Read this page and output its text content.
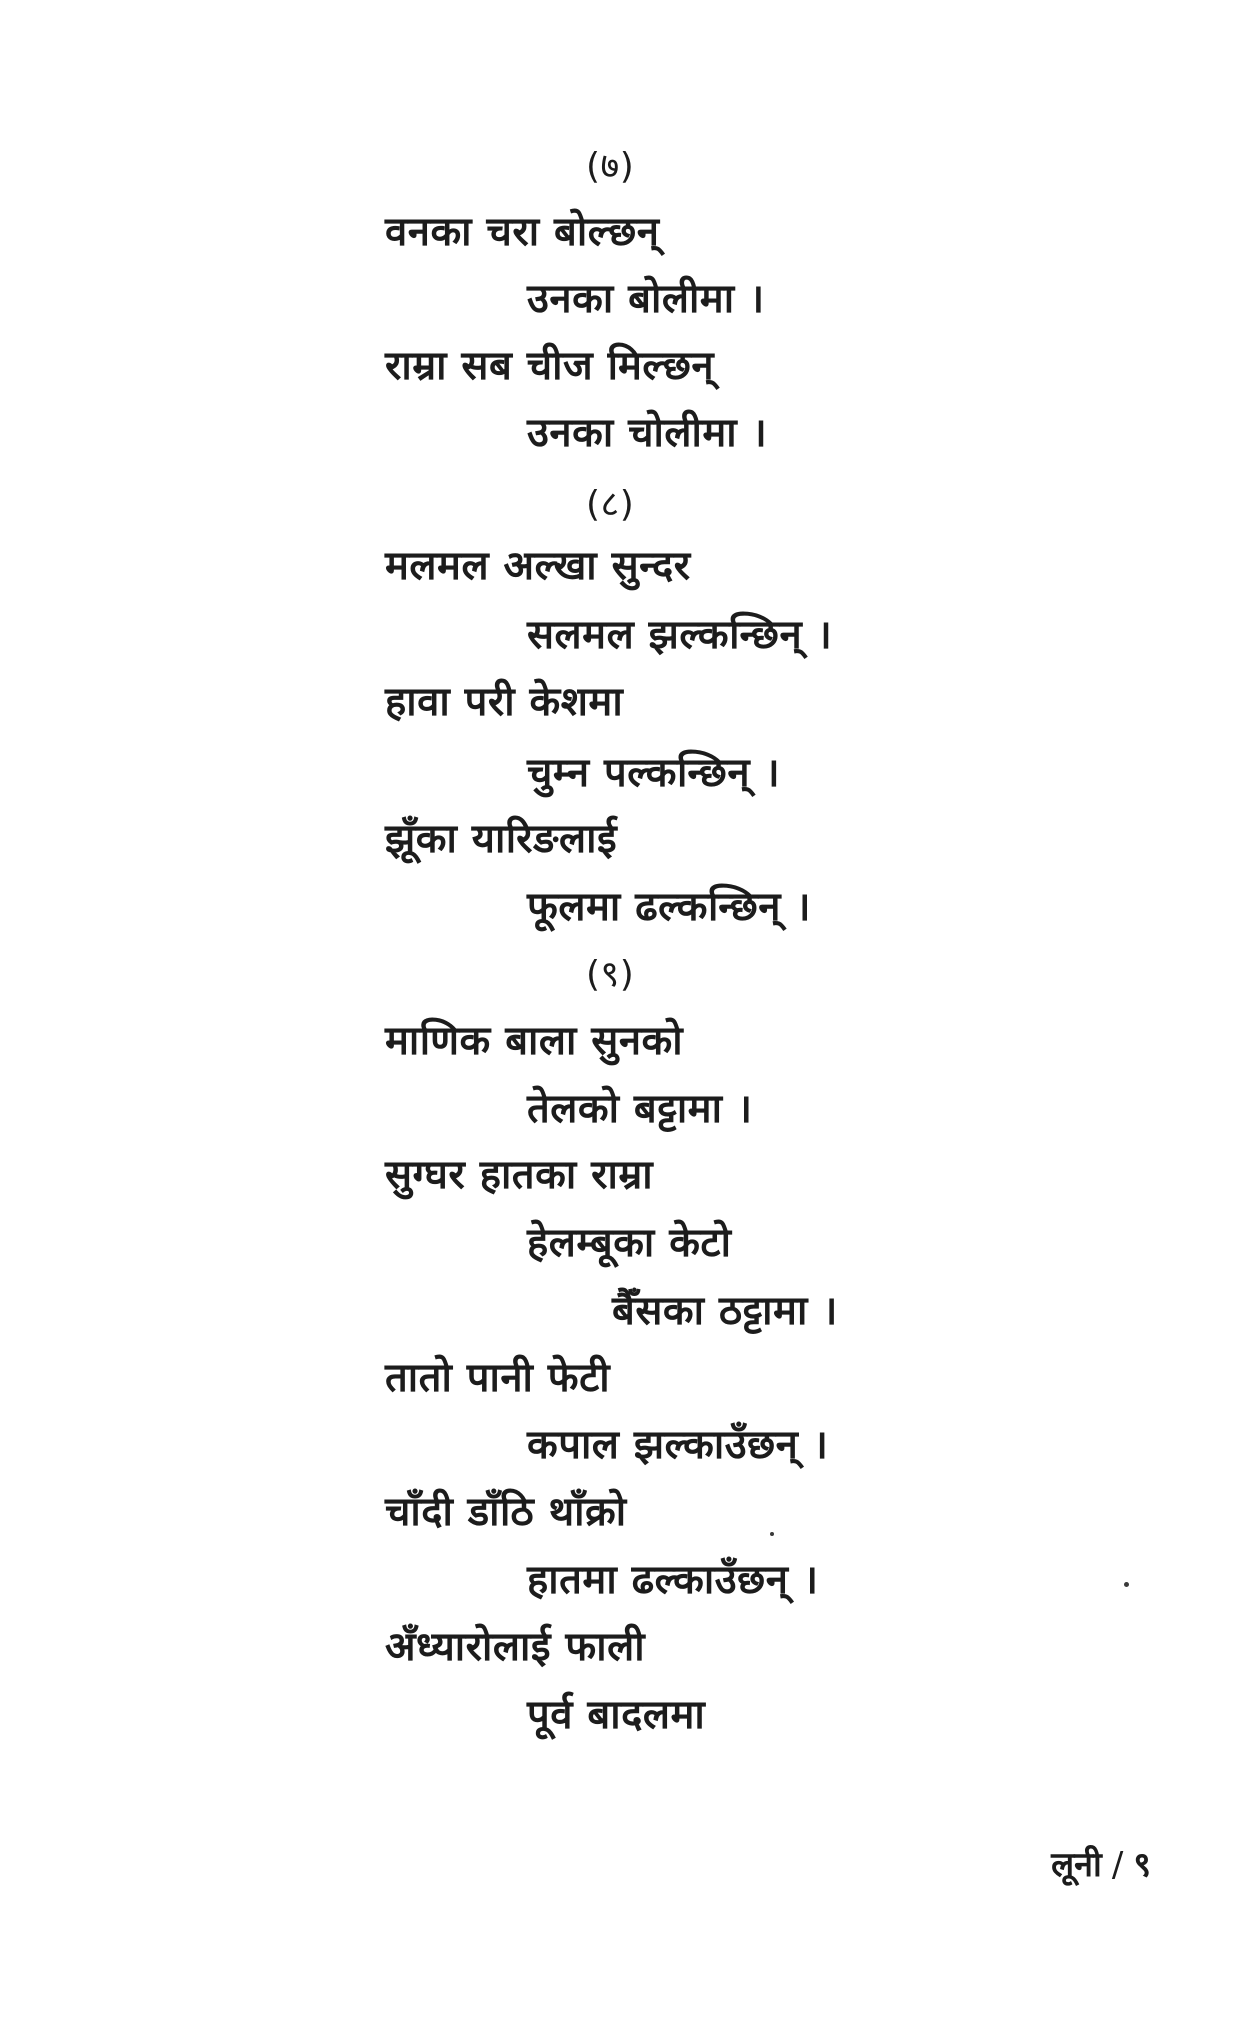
(७)
वनका चरा बोल्छन्
उनका बोलीमा ।
राम्रा सब चीज मिल्छन्
उनका चोलीमा ।
(८)
मलमल अल्खा सुन्दर
सलमल झल्कन्छिन् ।
हावा परी केशमा
चुम्न पल्कन्छिन् ।
झूँका यारिङलाई
फूलमा ढल्कन्छिन् ।
(९)
माणिक बाला सुनको
तेलको बट्टामा ।
सुग्घर हातका राम्रा
हेलम्बूका केटो
बैँसका ठट्टामा ।
तातो पानी फेटी
कपाल झल्काउँछन् ।
चाँदी डाँठि थाँक्रो
हातमा ढल्काउँछन् ।
अँध्यारोलाई फाली
पूर्व बादलमा
लूनी / ९
